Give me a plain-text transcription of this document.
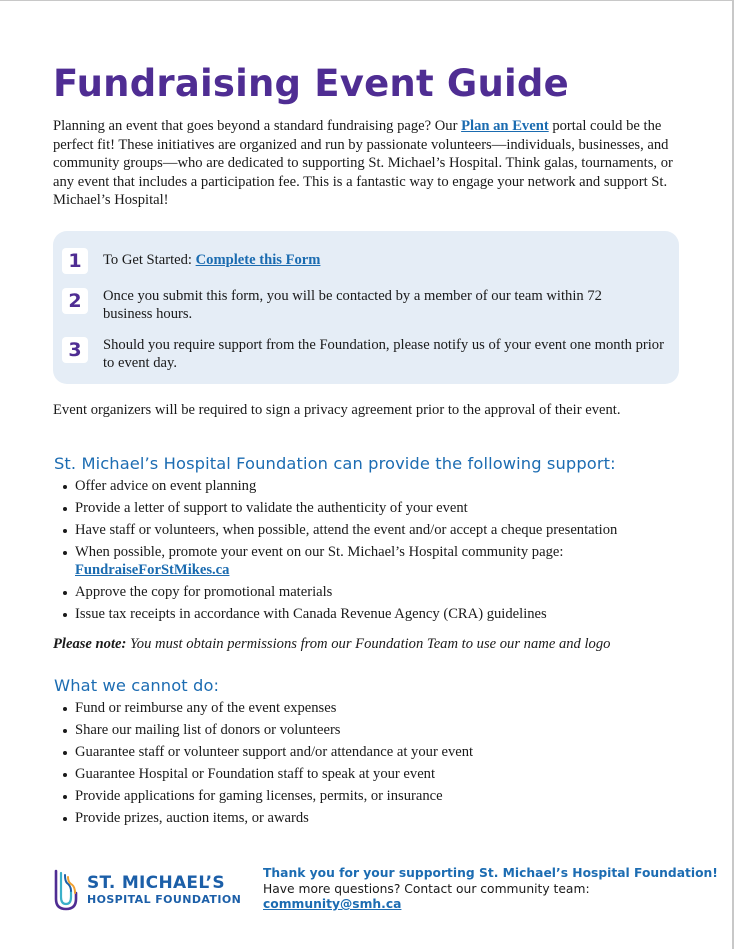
Fundraising Event Guide

Planning an event that goes beyond a standard fundraising page? Our Plan an Event portal could be the perfect fit! These initiatives are organized and run by passionate volunteers—individuals, businesses, and community groups—who are dedicated to supporting St. Michael’s Hospital. Think galas, tournaments, or any event that includes a participation fee. This is a fantastic way to engage your network and support St. Michael’s Hospital!

1	To Get Started: Complete this Form
2	Once you submit this form, you will be contacted by a member of our team within 72 business hours.
3	Should you require support from the Foundation, please notify us of your event one month prior to event day.

Event organizers will be required to sign a privacy agreement prior to the approval of their event.

St. Michael’s Hospital Foundation can provide the following support:
Offer advice on event planning
Provide a letter of support to validate the authenticity of your event
Have staff or volunteers, when possible, attend the event and/or accept a cheque presentation
When possible, promote your event on our St. Michael’s Hospital community page:
FundraiseForStMikes.ca
Approve the copy for promotional materials
Issue tax receipts in accordance with Canada Revenue Agency (CRA) guidelines

Please note: You must obtain permissions from our Foundation Team to use our name and logo

What we cannot do:
Fund or reimburse any of the event expenses
Share our mailing list of donors or volunteers
Guarantee staff or volunteer support and/or attendance at your event
Guarantee Hospital or Foundation staff to speak at your event
Provide applications for gaming licenses, permits, or insurance
Provide prizes, auction items, or awards
ST. MICHAEL’S
HOSPITAL FOUNDATION
Thank you for your supporting St. Michael’s Hospital Foundation!
Have more questions? Contact our community team:
community@smh.ca
